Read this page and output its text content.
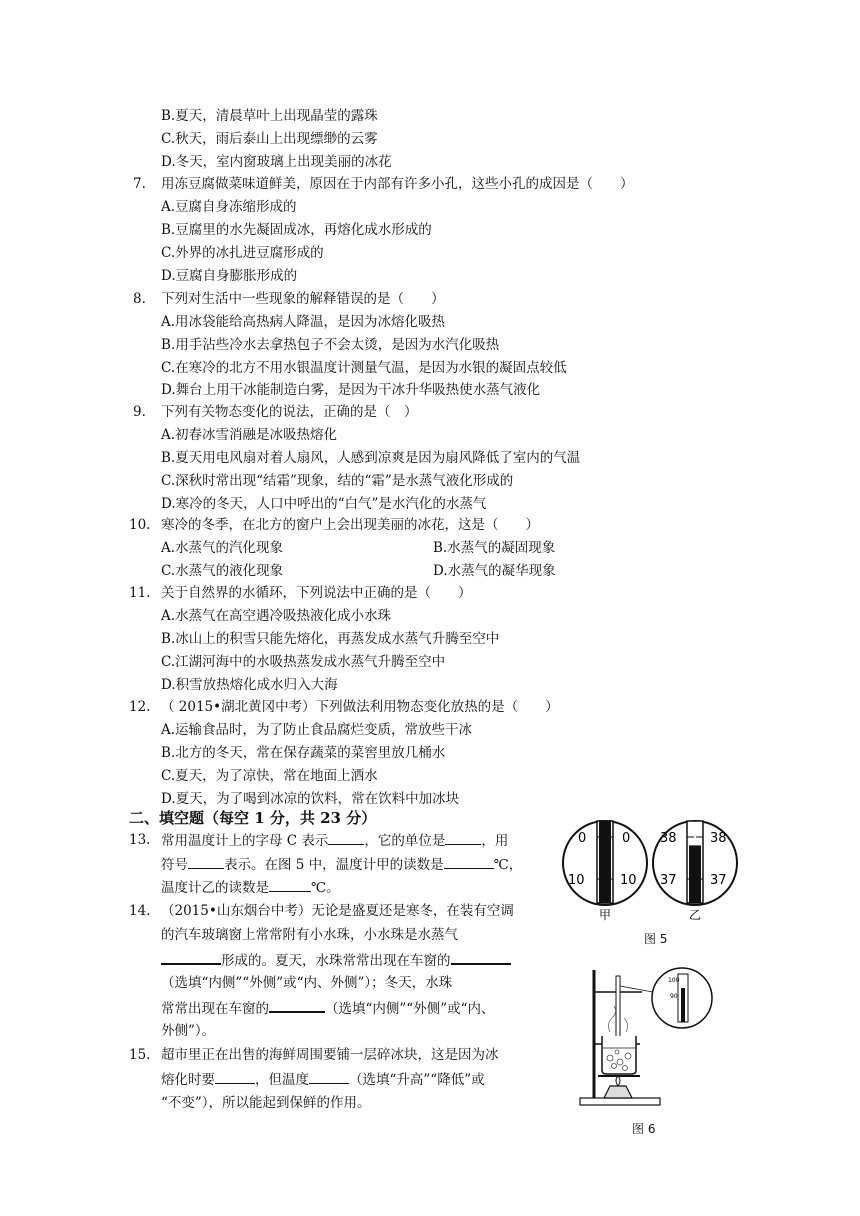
B.夏天，清晨草叶上出现晶莹的露珠
C.秋天，雨后泰山上出现缥缈的云雾
D.冬天，室内窗玻璃上出现美丽的冰花
7. 用冻豆腐做菜味道鲜美，原因在于内部有许多小孔，这些小孔的成因是（　　）
A.豆腐自身冻缩形成的
B.豆腐里的水先凝固成冰，再熔化成水形成的
C.外界的冰扎进豆腐形成的
D.豆腐自身膨胀形成的
8. 下列对生活中一些现象的解释错误的是（　　）
A.用冰袋能给高热病人降温，是因为冰熔化吸热
B.用手沾些冷水去拿热包子不会太烫，是因为水汽化吸热
C.在寒冷的北方不用水银温度计测量气温，是因为水银的凝固点较低
D.舞台上用干冰能制造白雾，是因为干冰升华吸热使水蒸气液化
9. 下列有关物态变化的说法，正确的是（　）
A.初春冰雪消融是冰吸热熔化
B.夏天用电风扇对着人扇风，人感到凉爽是因为扇风降低了室内的气温
C.深秋时常出现“结霜”现象，结的“霜”是水蒸气液化形成的
D.寒冷的冬天，人口中呼出的“白气”是水汽化的水蒸气
10. 寒冷的冬季，在北方的窗户上会出现美丽的冰花，这是（　　）
A.水蒸气的汽化现象	B.水蒸气的凝固现象
C.水蒸气的液化现象	D.水蒸气的凝华现象
11. 关于自然界的水循环，下列说法中正确的是（　　）
A.水蒸气在高空遇冷吸热液化成小水珠
B.冰山上的积雪只能先熔化，再蒸发成水蒸气升腾至空中
C.江湖河海中的水吸热蒸发成水蒸气升腾至空中
D.积雪放热熔化成水归入大海
12. （ 2015•湖北黄冈中考）下列做法利用物态变化放热的是（　　）
A.运输食品时，为了防止食品腐烂变质，常放些干冰
B.北方的冬天，常在保存蔬菜的菜窖里放几桶水
C.夏天，为了凉快，常在地面上洒水
D.夏天，为了喝到冰凉的饮料，常在饮料中加冰块
二、填空题（每空 1 分，共 23 分）
13. 常用温度计上的字母 C 表示	，它的单位是	，用
符号	表示。在图 5 中，温度计甲的读数是	℃，
温度计乙的读数是	℃。
14. （2015•山东烟台中考）无论是盛夏还是寒冬，在装有空调
的汽车玻璃窗上常常附有小水珠，小水珠是水蒸气
形成的。夏天，水珠常常出现在车窗的
（选填“内侧”“外侧”或“内、外侧”）；冬天，水珠
常常出现在车窗的	（选填“内侧”“外侧”或“内、
外侧”）。
15. 超市里正在出售的海鲜周围要铺一层碎冰块，这是因为冰
熔化时要	，但温度	（选填“升高”“降低”或
“不变”），所以能起到保鲜的作用。
0	0
10	10
甲
38	38
37	37
乙
图 5
100
90
图 6
